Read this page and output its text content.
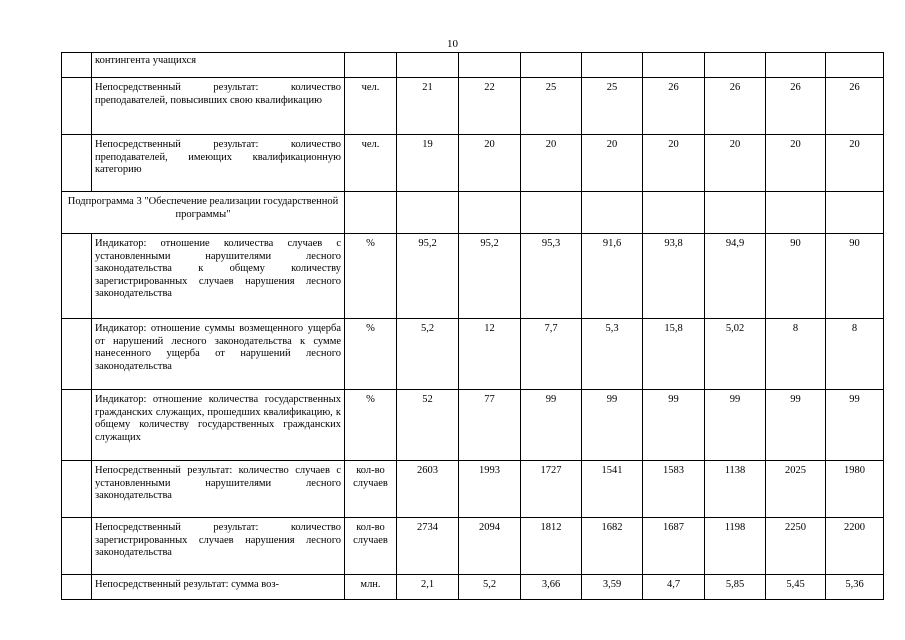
10
	контингента учащихся									
	Непосредственный результат: количество преподавателей, повысивших свою квалификацию	чел.	21	22	25	25	26	26	26	26
	Непосредственный результат: количество преподавателей, имеющих квалификационную категорию	чел.	19	20	20	20	20	20	20	20
Подпрограмма 3 "Обеспечение реализации государственной программы"										
	Индикатор: отношение количества случаев с установленными нарушителями лесного законодательства к общему количеству зарегистрированных случаев нарушения лесного законодательства	%	95,2	95,2	95,3	91,6	93,8	94,9	90	90
	Индикатор: отношение суммы возмещенного ущерба от нарушений лесного законодательства к сумме нанесенного ущерба от нарушений лесного законодательства	%	5,2	12	7,7	5,3	15,8	5,02	8	8
	Индикатор: отношение количества государственных гражданских служащих, прошедших квалификацию, к общему количеству государственных гражданских служащих	%	52	77	99	99	99	99	99	99
	Непосредственный результат: количество случаев с установленными нарушителями лесного законодательства	кол-во случаев	2603	1993	1727	1541	1583	1138	2025	1980
	Непосредственный результат: количество зарегистрированных случаев нарушения лесного законодательства	кол-во случаев	2734	2094	1812	1682	1687	1198	2250	2200
	Непосредственный результат: сумма воз-	млн.	2,1	5,2	3,66	3,59	4,7	5,85	5,45	5,36
